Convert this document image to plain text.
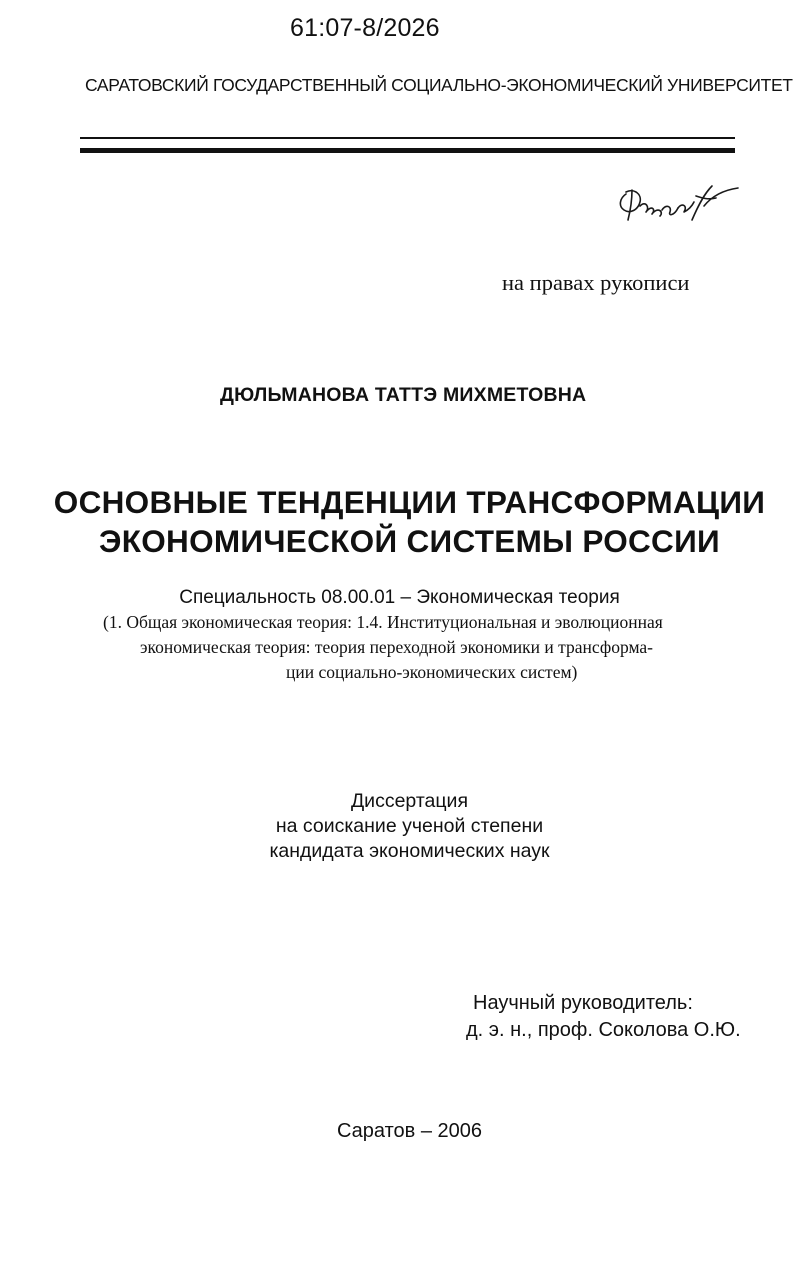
61:07-8/2026
САРАТОВСКИЙ ГОСУДАРСТВЕННЫЙ СОЦИАЛЬНО-ЭКОНОМИЧЕСКИЙ УНИВЕРСИТЕТ
на правах рукописи
ДЮЛЬМАНОВА ТАТТЭ МИХМЕТОВНА
ОСНОВНЫЕ ТЕНДЕНЦИИ ТРАНСФОРМАЦИИ
ЭКОНОМИЧЕСКОЙ СИСТЕМЫ РОССИИ
Специальность 08.00.01 – Экономическая теория
(1. Общая экономическая теория: 1.4. Институциональная и эволюционная
экономическая теория: теория переходной экономики и трансформа-
ции социально-экономических систем)
Диссертация
на соискание ученой степени
кандидата экономических наук
Научный руководитель:
д. э. н., проф. Соколова О.Ю.
Саратов – 2006
